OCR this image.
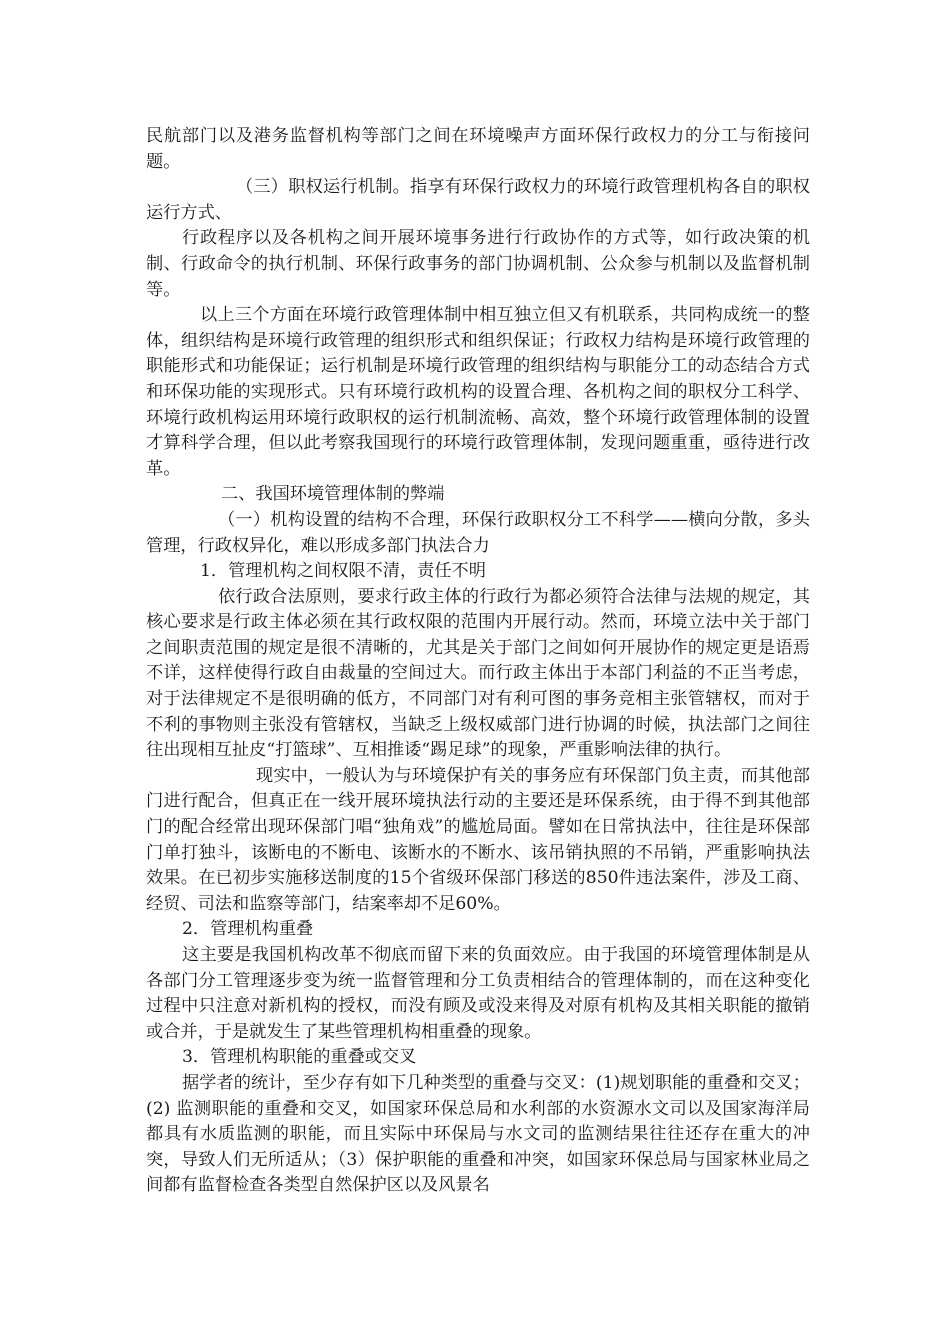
民航部门以及港务监督机构等部门之间在环境噪声方面环保行政权力的分工与衔接问题。

（三）职权运行机制。指享有环保行政权力的环境行政管理机构各自的职权运行方式、

行政程序以及各机构之间开展环境事务进行行政协作的方式等，如行政决策的机制、行政命令的执行机制、环保行政事务的部门协调机制、公众参与机制以及监督机制等。

以上三个方面在环境行政管理体制中相互独立但又有机联系，共同构成统一的整体，组织结构是环境行政管理的组织形式和组织保证；行政权力结构是环境行政管理的职能形式和功能保证；运行机制是环境行政管理的组织结构与职能分工的动态结合方式和环保功能的实现形式。只有环境行政机构的设置合理、各机构之间的职权分工科学、环境行政机构运用环境行政职权的运行机制流畅、高效，整个环境行政管理体制的设置才算科学合理，但以此考察我国现行的环境行政管理体制，发现问题重重，亟待进行改革。

二、我国环境管理体制的弊端

（一）机构设置的结构不合理，环保行政职权分工不科学——横向分散，多头管理，行政权异化，难以形成多部门执法合力

1．管理机构之间权限不清，责任不明

依行政合法原则，要求行政主体的行政行为都必须符合法律与法规的规定，其核心要求是行政主体必须在其行政权限的范围内开展行动。然而，环境立法中关于部门之间职责范围的规定是很不清晰的，尤其是关于部门之间如何开展协作的规定更是语焉不详，这样使得行政自由裁量的空间过大。而行政主体出于本部门利益的不正当考虑，对于法律规定不是很明确的低方，不同部门对有利可图的事务竞相主张管辖权，而对于不利的事物则主张没有管辖权，当缺乏上级权威部门进行协调的时候，执法部门之间往往出现相互扯皮“打篮球”、互相推诿“踢足球”的现象，严重影响法律的执行。

现实中，一般认为与环境保护有关的事务应有环保部门负主责，而其他部门进行配合，但真正在一线开展环境执法行动的主要还是环保系统，由于得不到其他部门的配合经常出现环保部门唱“独角戏”的尴尬局面。譬如在日常执法中，往往是环保部门单打独斗，该断电的不断电、该断水的不断水、该吊销执照的不吊销，严重影响执法效果。在已初步实施移送制度的15个省级环保部门移送的850件违法案件，涉及工商、经贸、司法和监察等部门，结案率却不足60%。

2．管理机构重叠

这主要是我国机构改革不彻底而留下来的负面效应。由于我国的环境管理体制是从各部门分工管理逐步变为统一监督管理和分工负责相结合的管理体制的，而在这种变化过程中只注意对新机构的授权，而没有顾及或没来得及对原有机构及其相关职能的撤销或合并，于是就发生了某些管理机构相重叠的现象。

3．管理机构职能的重叠或交叉

据学者的统计，至少存有如下几种类型的重叠与交叉：(1)规划职能的重叠和交叉；(2) 监测职能的重叠和交叉，如国家环保总局和水利部的水资源水文司以及国家海洋局都具有水质监测的职能，而且实际中环保局与水文司的监测结果往往还存在重大的冲突，导致人们无所适从；（3）保护职能的重叠和冲突，如国家环保总局与国家林业局之间都有监督检查各类型自然保护区以及风景名
